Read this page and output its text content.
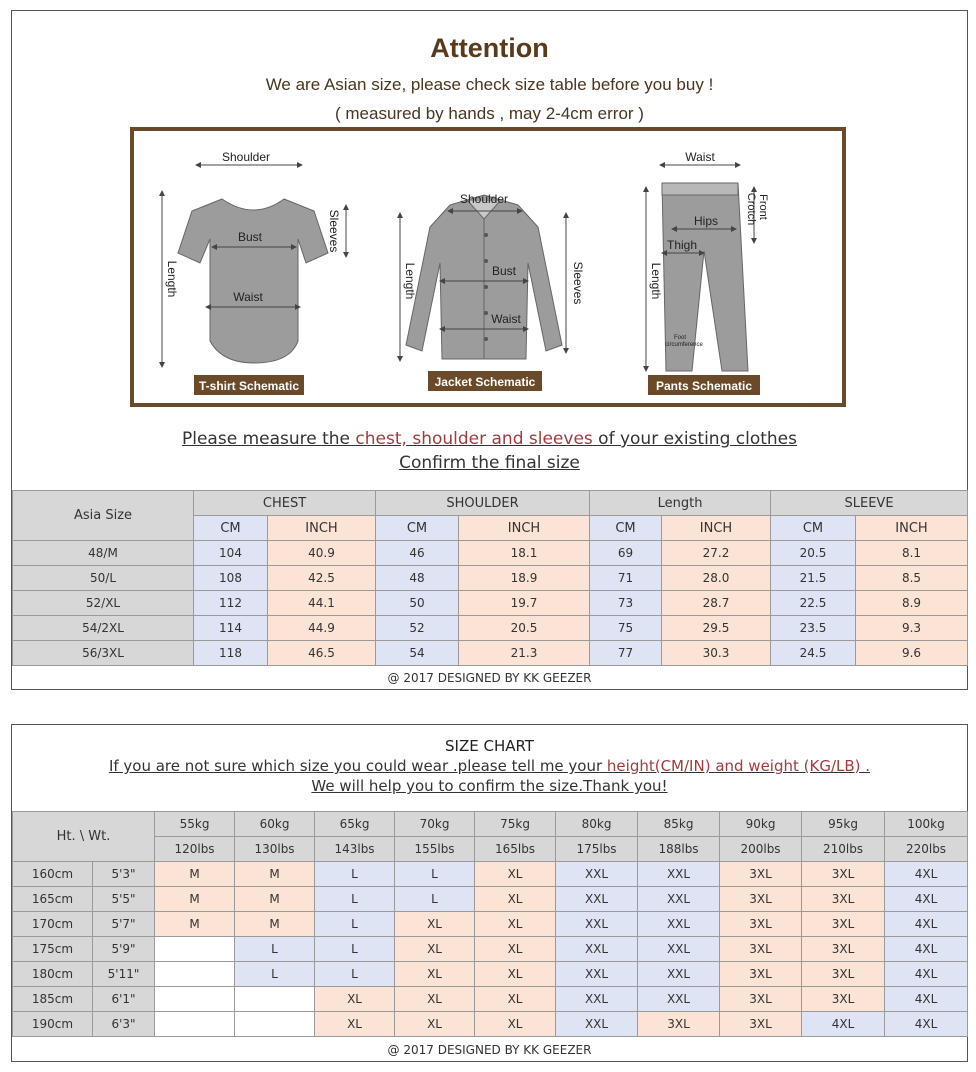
Attention
We are Asian size, please check size table before you buy !
( measured by hands , may 2-4cm error )
Shoulder
Bust
Waist
Length
Sleeves
T-shirt Schematic
Shoulder
Bust
Waist
Length	Sleeves
Jacket Schematic
Waist
Hips
Thigh
Front
Crotch
Length
Foot
circumference
Pants Schematic
Please measure the chest, shoulder and sleeves of your existing clothes
Confirm the final size
Asia Size	CHEST		SHOULDER		Length		SLEEVE	
	CM	INCH	CM	INCH	CM	INCH	CM	INCH
48/M	104	40.9	46	18.1	69	27.2	20.5	8.1
50/L	108	42.5	48	18.9	71	28.0	21.5	8.5
52/XL	112	44.1	50	19.7	73	28.7	22.5	8.9
54/2XL	114	44.9	52	20.5	75	29.5	23.5	9.3
56/3XL	118	46.5	54	21.3	77	30.3	24.5	9.6
@ 2017 DESIGNED BY KK GEEZER
SIZE CHART
If you are not sure which size you could wear .please tell me your height(CM/IN) and weight (KG/LB) .
We will help you to confirm the size.Thank you!
Ht. \ Wt.		55kg	60kg	65kg	70kg	75kg	80kg	85kg	90kg	95kg	100kg
		120lbs	130lbs	143lbs	155lbs	165lbs	175lbs	188lbs	200lbs	210lbs	220lbs
160cm	5'3"	M	M	L	L	XL	XXL	XXL	3XL	3XL	4XL
165cm	5'5"	M	M	L	L	XL	XXL	XXL	3XL	3XL	4XL
170cm	5'7"	M	M	L	XL	XL	XXL	XXL	3XL	3XL	4XL
175cm	5'9"		L	L	XL	XL	XXL	XXL	3XL	3XL	4XL
180cm	5'11"		L	L	XL	XL	XXL	XXL	3XL	3XL	4XL
185cm	6'1"			XL	XL	XL	XXL	XXL	3XL	3XL	4XL
190cm	6'3"			XL	XL	XL	XXL	3XL	3XL	4XL	4XL
@ 2017 DESIGNED BY KK GEEZER
